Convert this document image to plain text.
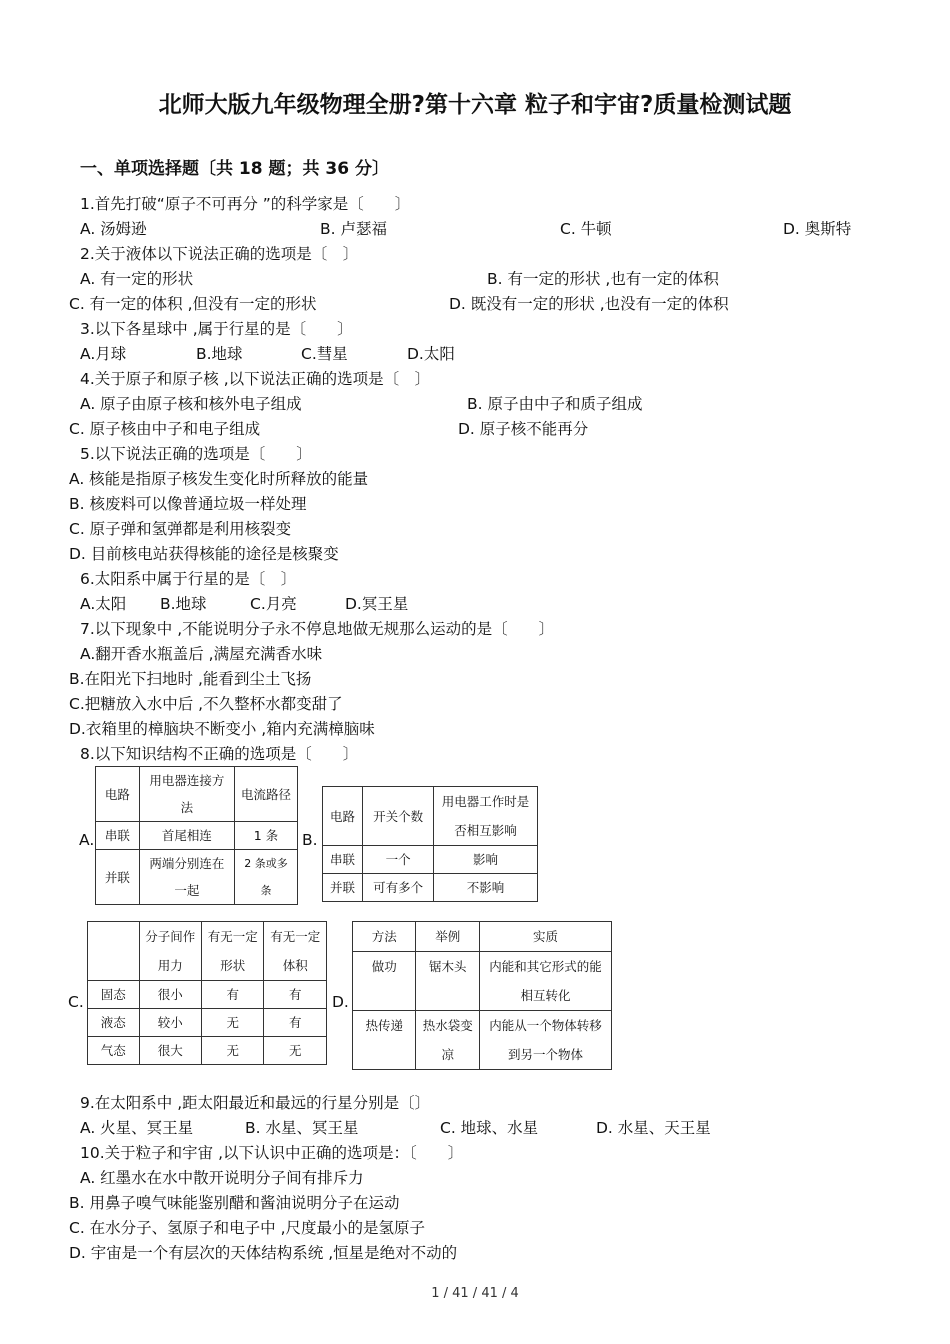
北师大版九年级物理全册?第十六章 粒子和宇宙?质量检测试题
一、单项选择题〔共 18 题；共 36 分〕
1.首先打破“原子不可再分 ”的科学家是〔　　〕
A. 汤姆逊	B. 卢瑟福	C. 牛顿	D. 奥斯特
2.关于液体以下说法正确的选项是〔　〕
A. 有一定的形状	B. 有一定的形状 ,也有一定的体积
C. 有一定的体积 ,但没有一定的形状	D. 既没有一定的形状 ,也没有一定的体积
3.以下各星球中 ,属于行星的是〔　　〕
A.月球	B.地球	C.彗星	D.太阳
4.关于原子和原子核 ,以下说法正确的选项是〔　〕
A. 原子由原子核和核外电子组成	B. 原子由中子和质子组成
C. 原子核由中子和电子组成	D. 原子核不能再分
5.以下说法正确的选项是〔　　〕
A. 核能是指原子核发生变化时所释放的能量
B. 核废料可以像普通垃圾一样处理
C. 原子弹和氢弹都是利用核裂变
D. 目前核电站获得核能的途径是核聚变
6.太阳系中属于行星的是〔　〕
A.太阳 B.地球	C.月亮	D.冥王星
7.以下现象中 ,不能说明分子永不停息地做无规那么运动的是〔　　〕
A.翻开香水瓶盖后 ,满屋充满香水味
B.在阳光下扫地时 ,能看到尘土飞扬
C.把糖放入水中后 ,不久整杯水都变甜了
D.衣箱里的樟脑块不断变小 ,箱内充满樟脑味
8.以下知识结构不正确的选项是〔　　〕
A.
电路	用电器连接方法	电流路径
串联	首尾相连	1 条
并联	两端分别连在一起	2 条或多条
B.
电路	开关个数	用电器工作时是否相互影响
串联	一个	影响
并联	可有多个	不影响
C.
	分子间作用力	有无一定形状	有无一定体积
固态	很小	有	有
液态	较小	无	有
气态	很大	无	无
D.
方法	举例	实质
做功	锯木头	内能和其它形式的能相互转化
热传递	热水袋变凉	内能从一个物体转移到另一个物体
9.在太阳系中 ,距太阳最近和最远的行星分别是〔〕
A. 火星、冥王星	B. 水星、冥王星	C. 地球、水星	D. 水星、天王星
10.关于粒子和宇宙 ,以下认识中正确的选项是：〔　　〕
A. 红墨水在水中散开说明分子间有排斥力
B. 用鼻子嗅气味能鉴别醋和酱油说明分子在运动
C. 在水分子、氢原子和电子中 ,尺度最小的是氢原子
D. 宇宙是一个有层次的天体结构系统 ,恒星是绝对不动的
1 / 41 / 41 / 4
